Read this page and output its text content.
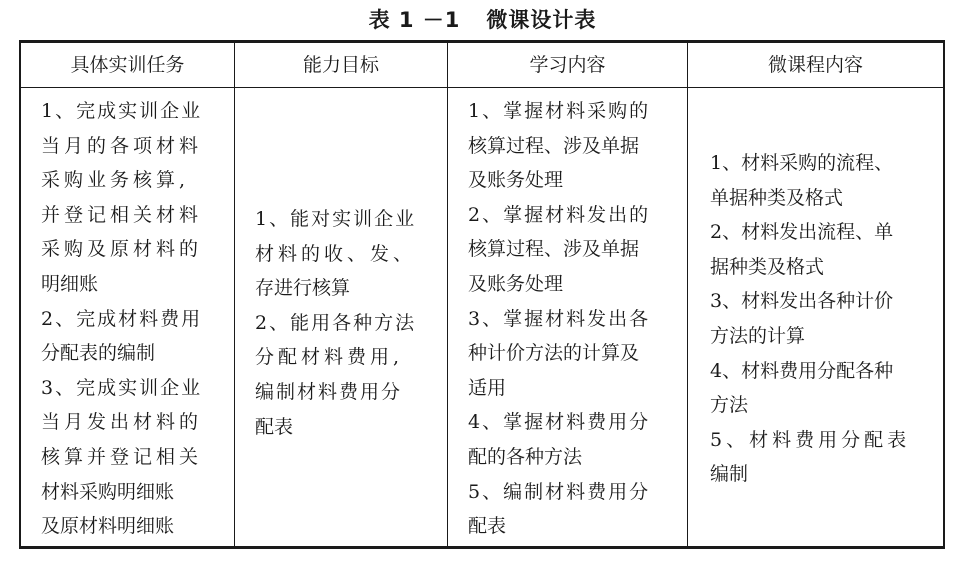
表 1 －1 微课设计表
具体实训任务
1、完成实训企业
当月的各项材料
采购业务核算,
并登记相关材料
采购及原材料的
明细账
2、完成材料费用
分配表的编制
3、完成实训企业
当月发出材料的
核算并登记相关
材料采购明细账
及原材料明细账
能力目标
1、能对实训企业
材料的收、发、
存进行核算
2、能用各种方法
分配材料费用,
编制材料费用分
配表
学习内容
1、掌握材料采购的
核算过程、涉及单据
及账务处理
2、掌握材料发出的
核算过程、涉及单据
及账务处理
3、掌握材料发出各
种计价方法的计算及
适用
4、掌握材料费用分
配的各种方法
5、编制材料费用分
配表
微课程内容
1、材料采购的流程、
单据种类及格式
2、材料发出流程、单
据种类及格式
3、材料发出各种计价
方法的计算
4、材料费用分配各种
方法
5、材料费用分配表
编制
